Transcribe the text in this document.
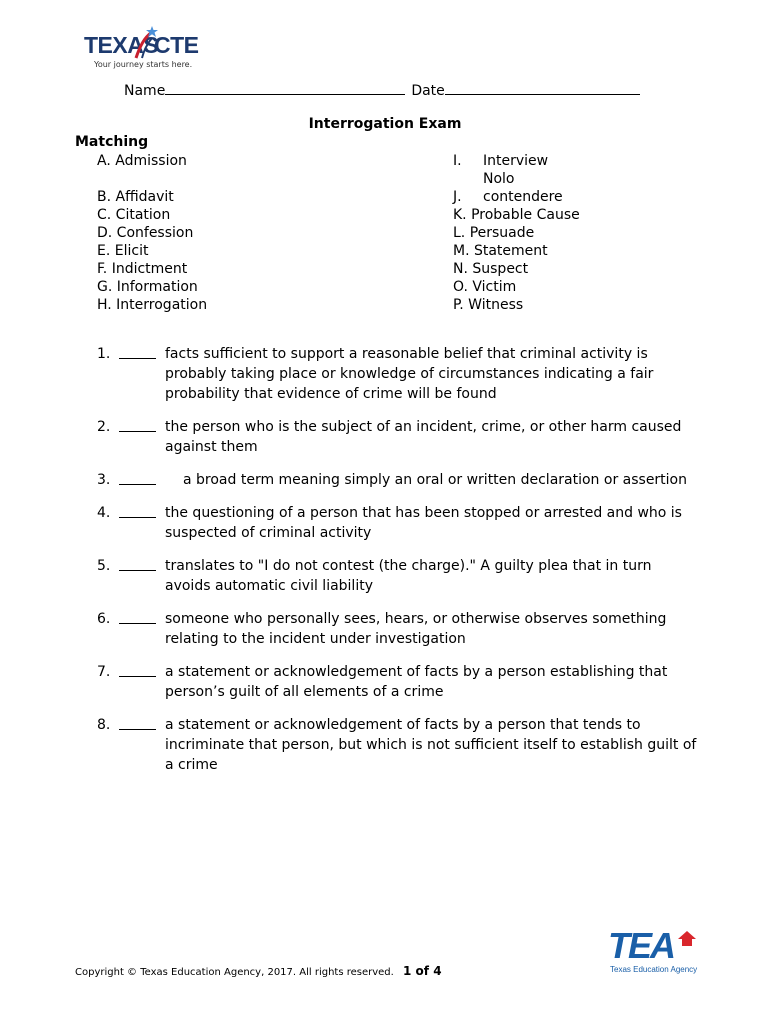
TEXAS
CTE
Your journey starts here.
Name	Date
Interrogation Exam
Matching
A. Admission
B. Affidavit
C. Citation
D. Confession
E. Elicit
F. Indictment
G. Information
H. Interrogation
I. Interview
Nolo
J. contendere
K. Probable Cause
L. Persuade
M. Statement
N. Suspect
O. Victim
P. Witness
1.	facts sufficient to support a reasonable belief that criminal activity is probably taking place or knowledge of circumstances indicating a fair probability that evidence of crime will be found
2.	the person who is the subject of an incident, crime, or other harm caused against them
3.	a broad term meaning simply an oral or written declaration or assertion
4.	the questioning of a person that has been stopped or arrested and who is suspected of criminal activity
5.	translates to "I do not contest (the charge)." A guilty plea that in turn avoids automatic civil liability
6.	someone who personally sees, hears, or otherwise observes something relating to the incident under investigation
7.	a statement or acknowledgement of facts by a person establishing that person’s guilt of all elements of a crime
8.	a statement or acknowledgement of facts by a person that tends to incriminate that person, but which is not sufficient itself to establish guilt of a crime
Copyright © Texas Education Agency, 2017. All rights reserved. 1 of 4
TEA
Texas Education Agency
